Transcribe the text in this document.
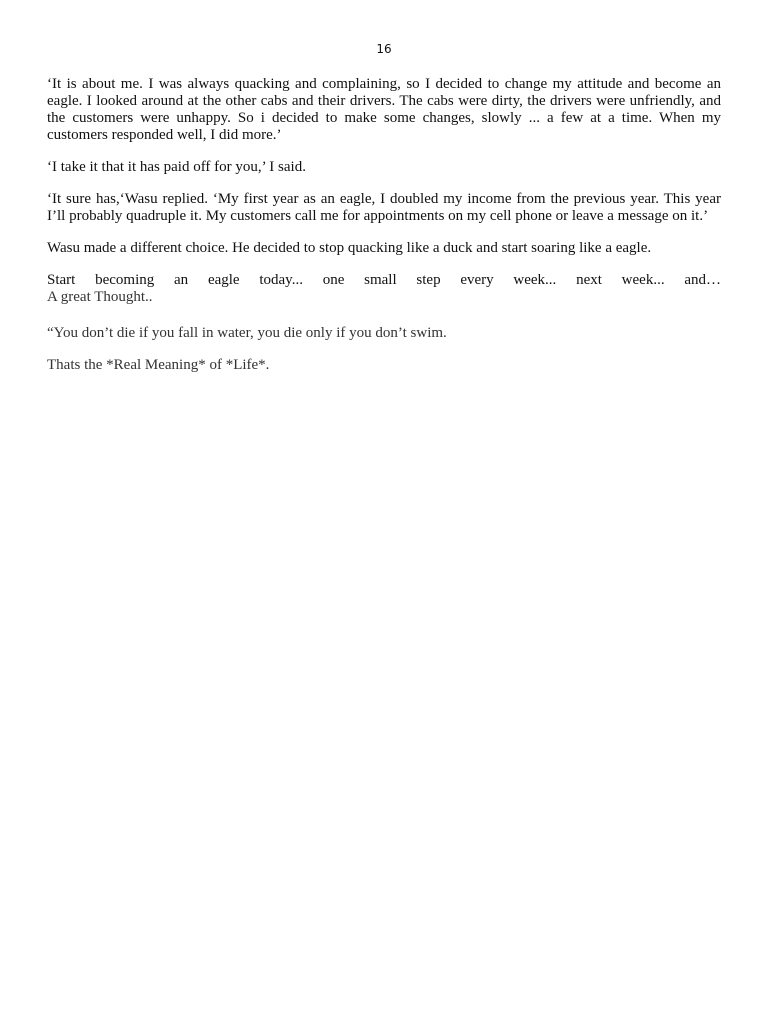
16

‘It is about me. I was always quacking and complaining, so I decided to change my attitude and become an eagle. I looked around at the other cabs and their drivers. The cabs were dirty, the drivers were unfriendly, and the customers were unhappy. So i decided to make some changes, slowly ... a few at a time. When my customers responded well, I did more.’

‘I take it that it has paid off for you,’ I said.

‘It sure has,‘Wasu replied. ‘My first year as an eagle, I doubled my income from the previous year. This year I’ll probably quadruple it. My customers call me for appointments on my cell phone or leave a message on it.’

Wasu made a different choice. He decided to stop quacking like a duck and start soaring like a eagle.

Start becoming an eagle today... one small step every week... next week... and…
A great Thought..

“You don’t die if you fall in water, you die only if you don’t swim.

Thats the *Real Meaning* of *Life*.
